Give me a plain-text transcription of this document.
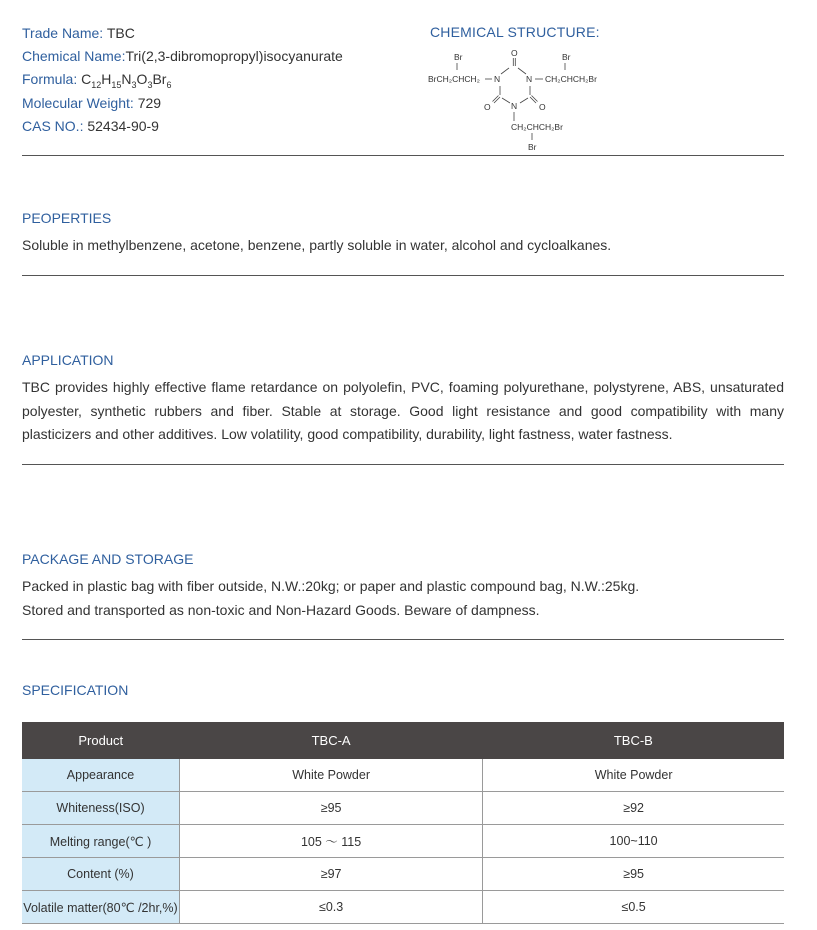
Trade Name: TBC
Chemical Name:Tri(2,3-dibromopropyl)isocyanurate
Formula: $C_{12}H_{15}N_3O_3Br_6$
Molecular Weight: 729
CAS NO.: 52434-90-9
CHEMICAL STRUCTURE:
Br	O	Br
BrCH₂CHCH₂ N	N CH₂CHCH₂Br
O N	O
CH₂CHCH₂Br
Br
PEOPERTIES
Soluble in methylbenzene, acetone, benzene, partly soluble in water, alcohol and cycloalkanes.
APPLICATION
TBC provides highly effective flame retardance on polyolefin, PVC, foaming polyurethane, polystyrene, ABS, unsaturated polyester, synthetic rubbers and fiber. Stable at storage. Good light resistance and good compatibility with many plasticizers and other additives. Low volatility, good compatibility, durability, light fastness, water fastness.
PACKAGE AND STORAGE
Packed in plastic bag with fiber outside, N.W.:20kg; or paper and plastic compound bag, N.W.:25kg.
Stored and transported as non-toxic and Non-Hazard Goods. Beware of dampness.
SPECIFICATION
Product	TBC-A	TBC-B
Appearance	White Powder	White Powder
Whiteness(ISO)	≥95	≥92
Melting range(℃ )	105 ～ 115	100~110
Content (%)	≥97	≥95
Volatile matter(80℃ /2hr,%)	≤0.3	≤0.5
